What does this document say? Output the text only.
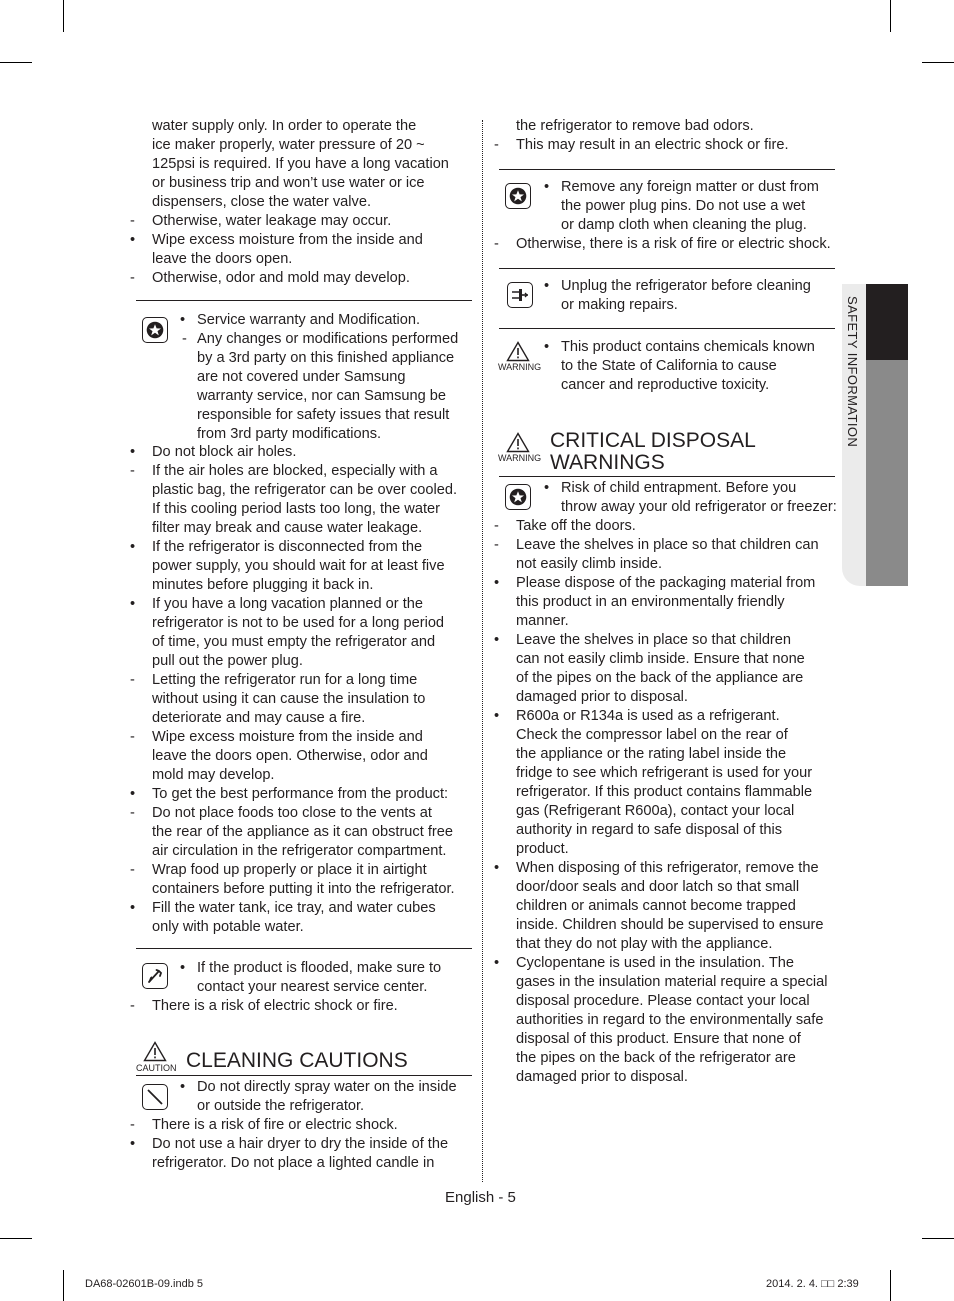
SAFETY INFORMATION
water supply only. In order to operate the
ice maker properly, water pressure of 20 ~
125psi is required. If you have a long vacation
or business trip and won’t use water or ice
dispensers, close the water valve.
- Otherwise, water leakage may occur.
• Wipe excess moisture from the inside and
leave the doors open.
- Otherwise, odor and mold may develop.
• Service warranty and Modification.
- Any changes or modifications performed
by a 3rd party on this finished appliance
are not covered under Samsung
warranty service, nor can Samsung be
responsible for safety issues that result
from 3rd party modifications.
• Do not block air holes.
- If the air holes are blocked, especially with a
plastic bag, the refrigerator can be over cooled.
If this cooling period lasts too long, the water
filter may break and cause water leakage.
• If the refrigerator is disconnected from the
power supply, you should wait for at least five
minutes before plugging it back in.
• If you have a long vacation planned or the
refrigerator is not to be used for a long period
of time, you must empty the refrigerator and
pull out the power plug.
- Letting the refrigerator run for a long time
without using it can cause the insulation to
deteriorate and may cause a fire.
- Wipe excess moisture from the inside and
leave the doors open. Otherwise, odor and
mold may develop.
• To get the best performance from the product:
- Do not place foods too close to the vents at
the rear of the appliance as it can obstruct free
air circulation in the refrigerator compartment.
- Wrap food up properly or place it in airtight
containers before putting it into the refrigerator.
• Fill the water tank, ice tray, and water cubes
only with potable water.
• If the product is flooded, make sure to
contact your nearest service center.
- There is a risk of electric shock or fire.
CAUTION CLEANING CAUTIONS
• Do not directly spray water on the inside
or outside the refrigerator.
- There is a risk of fire or electric shock.
• Do not use a hair dryer to dry the inside of the
refrigerator. Do not place a lighted candle in
the refrigerator to remove bad odors.
- This may result in an electric shock or fire.
• Remove any foreign matter or dust from
the power plug pins. Do not use a wet
or damp cloth when cleaning the plug.
- Otherwise, there is a risk of fire or electric shock.
• Unplug the refrigerator before cleaning
or making repairs.
WARNING
• This product contains chemicals known
to the State of California to cause
cancer and reproductive toxicity.
WARNING
CRITICAL DISPOSAL
WARNINGS
• Risk of child entrapment. Before you
throw away your old refrigerator or freezer:
- Take off the doors.
- Leave the shelves in place so that children can
not easily climb inside.
• Please dispose of the packaging material from
this product in an environmentally friendly
manner.
• Leave the shelves in place so that children
can not easily climb inside. Ensure that none
of the pipes on the back of the appliance are
damaged prior to disposal.
• R600a or R134a is used as a refrigerant.
Check the compressor label on the rear of
the appliance or the rating label inside the
fridge to see which refrigerant is used for your
refrigerator. If this product contains flammable
gas (Refrigerant R600a), contact your local
authority in regard to safe disposal of this
product.
• When disposing of this refrigerator, remove the
door/door seals and door latch so that small
children or animals cannot become trapped
inside. Children should be supervised to ensure
that they do not play with the appliance.
• Cyclopentane is used in the insulation. The
gases in the insulation material require a special
disposal procedure. Please contact your local
authorities in regard to the environmentally safe
disposal of this product. Ensure that none of
the pipes on the back of the refrigerator are
damaged prior to disposal.
English - 5
DA68-02601B-09.indb 5	2014. 2. 4. □□ 2:39
